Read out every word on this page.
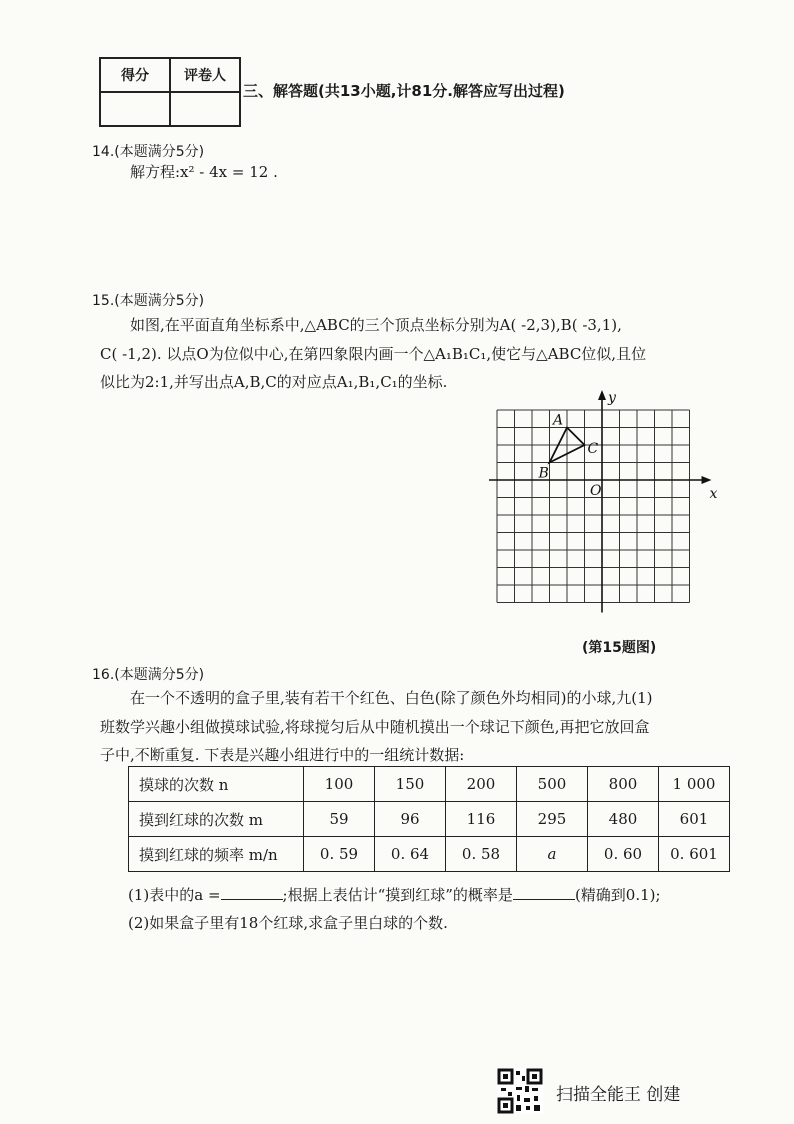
得分	评卷人

三、解答题(共13小题,计81分.解答应写出过程)
14.(本题满分5分)
解方程:x² - 4x = 12 .
15.(本题满分5分)
如图,在平面直角坐标系中,△ABC的三个顶点坐标分别为A( -2,3),B( -3,1),
C( -1,2). 以点O为位似中心,在第四象限内画一个△A₁B₁C₁,使它与△ABC位似,且位
似比为2:1,并写出点A,B,C的对应点A₁,B₁,C₁的坐标.
x
y
O
A
B
C
(第15题图)
16.(本题满分5分)
在一个不透明的盒子里,装有若干个红色、白色(除了颜色外均相同)的小球,九(1)
班数学兴趣小组做摸球试验,将球搅匀后从中随机摸出一个球记下颜色,再把它放回盒
子中,不断重复. 下表是兴趣小组进行中的一组统计数据:
摸球的次数 n	100	150	200	500	800	1 000
摸到红球的次数 m	59	96	116	295	480	601
摸到红球的频率 m/n	0. 59	0. 64	0. 58	a	0. 60	0. 601
(1)表中的a =	;根据上表估计“摸到红球”的概率是	(精确到0.1);
(2)如果盒子里有18个红球,求盒子里白球的个数.
扫描全能王 创建
